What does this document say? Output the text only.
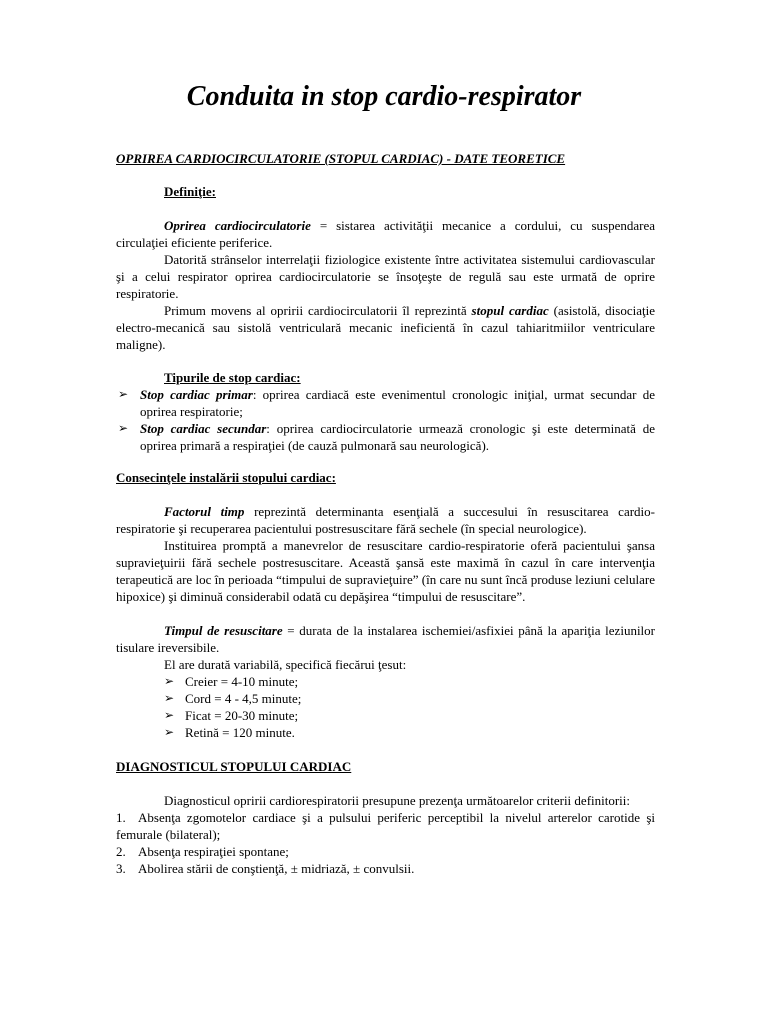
Conduita in stop cardio-respirator
OPRIREA CARDIOCIRCULATORIE (STOPUL CARDIAC) - DATE TEORETICE
Definiţie:

Oprirea cardiocirculatorie = sistarea activităţii mecanice a cordului, cu suspendarea circulaţiei eficiente periferice.

Datorită strânselor interrelaţii fiziologice existente între activitatea sistemului cardiovascular şi a celui respirator oprirea cardiocirculatorie se însoţeşte de regulă sau este urmată de oprire respiratorie.

Primum movens al opririi cardiocirculatorii îl reprezintă stopul cardiac (asistolă, disociaţie electro-mecanică sau sistolă ventriculară mecanic ineficientă în cazul tahiaritmiilor ventriculare maligne).

Tipurile de stop cardiac:
➢ Stop cardiac primar: oprirea cardiacă este evenimentul cronologic iniţial, urmat secundar de oprirea respiratorie;
➢ Stop cardiac secundar: oprirea cardiocirculatorie urmează cronologic şi este determinată de oprirea primară a respiraţiei (de cauză pulmonară sau neurologică).
Consecinţele instalării stopului cardiac:

Factorul timp reprezintă determinanta esenţială a succesului în resuscitarea cardio-respiratorie şi recuperarea pacientului postresuscitare fără sechele (în special neurologice).

Instituirea promptă a manevrelor de resuscitare cardio-respiratorie oferă pacientului şansa supravieţuirii fără sechele postresuscitare. Această şansă este maximă în cazul în care intervenţia terapeutică are loc în perioada “timpului de supravieţuire” (în care nu sunt încă produse leziuni celulare hipoxice) şi diminuă considerabil odată cu depăşirea “timpului de resuscitare”.

Timpul de resuscitare = durata de la instalarea ischemiei/asfixiei până la apariţia leziunilor tisulare ireversibile.

El are durată variabilă, specifică fiecărui ţesut:

➢ Creier = 4-10 minute;
➢ Cord = 4 - 4,5 minute;
➢ Ficat = 20-30 minute;
➢ Retină = 120 minute.
DIAGNOSTICUL STOPULUI CARDIAC

Diagnosticul opririi cardiorespiratorii presupune prezenţa următoarelor criterii definitorii:

1. Absenţa zgomotelor cardiace şi a pulsului periferic perceptibil la nivelul arterelor carotide şi femurale (bilateral);
2. Absenţa respiraţiei spontane;
3. Abolirea stării de conştienţă, ± midriază, ± convulsii.
